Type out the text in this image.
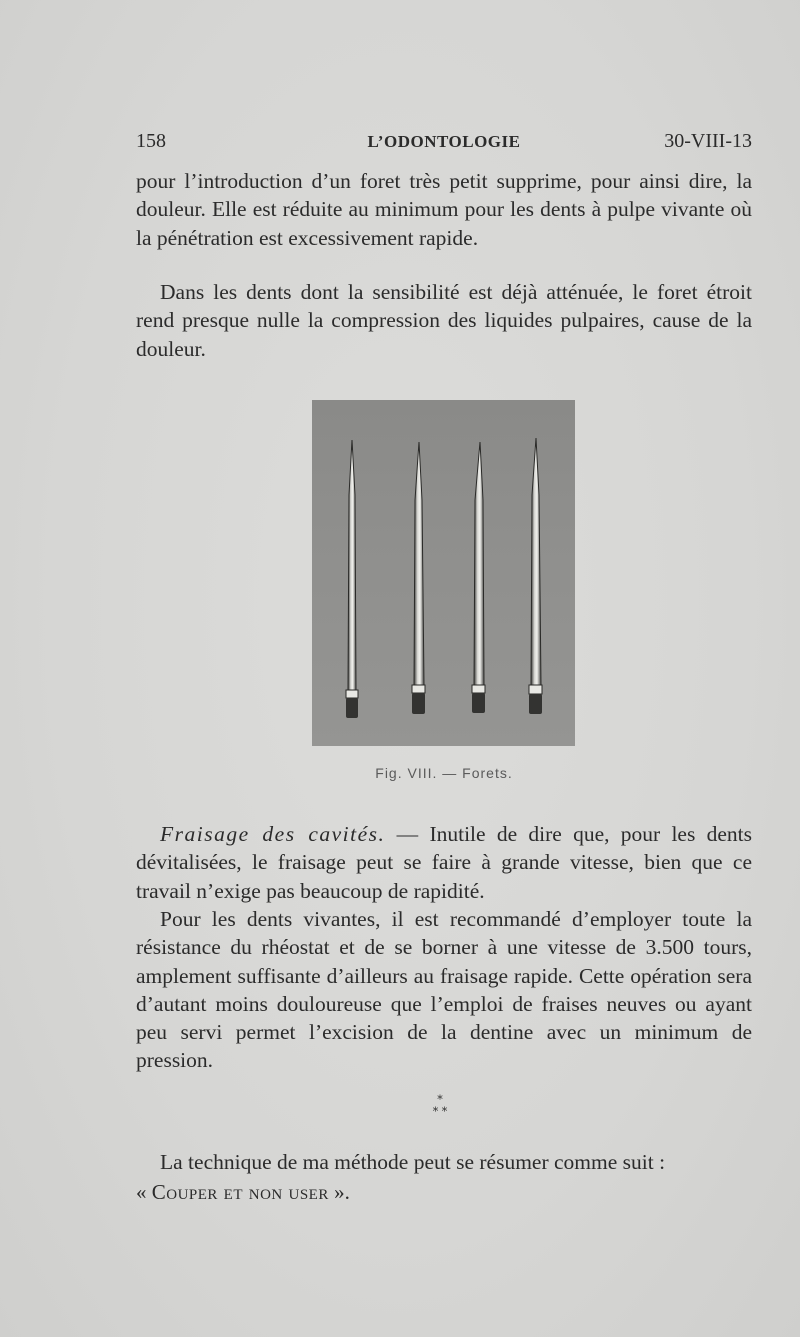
158	L’ODONTOLOGIE	30-VIII-13

pour l’introduction d’un foret très petit supprime, pour ainsi dire, la douleur. Elle est réduite au minimum pour les dents à pulpe vivante où la pénétration est excessivement rapide.

Dans les dents dont la sensibilité est déjà atténuée, le foret étroit rend presque nulle la compression des liquides pulpaires, cause de la douleur.

Fig. VIII. — Forets.

Fraisage des cavités. — Inutile de dire que, pour les dents dévitalisées, le fraisage peut se faire à grande vitesse, bien que ce travail n’exige pas beaucoup de rapidité.

Pour les dents vivantes, il est recommandé d’employer toute la résistance du rhéostat et de se borner à une vitesse de 3.500 tours, amplement suffisante d’ailleurs au fraisage rapide. Cette opération sera d’autant moins douloureuse que l’emploi de fraises neuves ou ayant peu servi permet l’excision de la dentine avec un minimum de pression.

*
* *

La technique de ma méthode peut se résumer comme suit :

« Couper et non user ».
